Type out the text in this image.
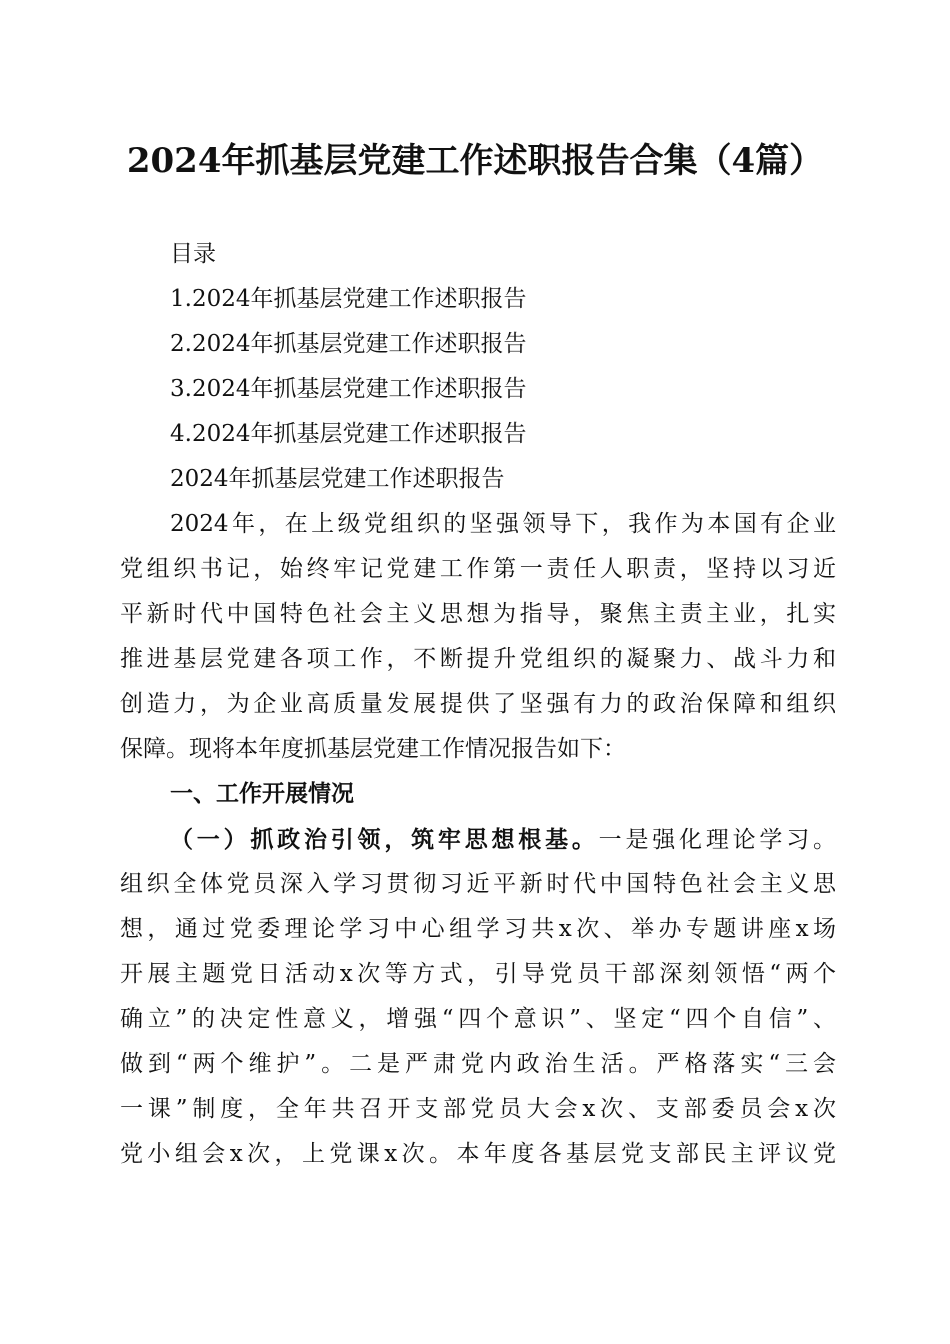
2024年抓基层党建工作述职报告合集（4篇）
目录
1.2024年抓基层党建工作述职报告
2.2024年抓基层党建工作述职报告
3.2024年抓基层党建工作述职报告
4.2024年抓基层党建工作述职报告
2024年抓基层党建工作述职报告
2024年，在上级党组织的坚强领导下，我作为本国有企业
党组织书记，始终牢记党建工作第一责任人职责，坚持以习近
平新时代中国特色社会主义思想为指导，聚焦主责主业，扎实
推进基层党建各项工作，不断提升党组织的凝聚力、战斗力和
创造力，为企业高质量发展提供了坚强有力的政治保障和组织
保障。现将本年度抓基层党建工作情况报告如下：
一、工作开展情况
（一）抓政治引领，筑牢思想根基。一是强化理论学习。
组织全体党员深入学习贯彻习近平新时代中国特色社会主义思
想，通过党委理论学习中心组学习共x次、举办专题讲座x场
开展主题党日活动x次等方式，引导党员干部深刻领悟“两个
确立”的决定性意义，增强“四个意识”、坚定“四个自信”、
做到“两个维护”。二是严肃党内政治生活。严格落实“三会
一课”制度，全年共召开支部党员大会x次、支部委员会x次
党小组会x次，上党课x次。本年度各基层党支部民主评议党
